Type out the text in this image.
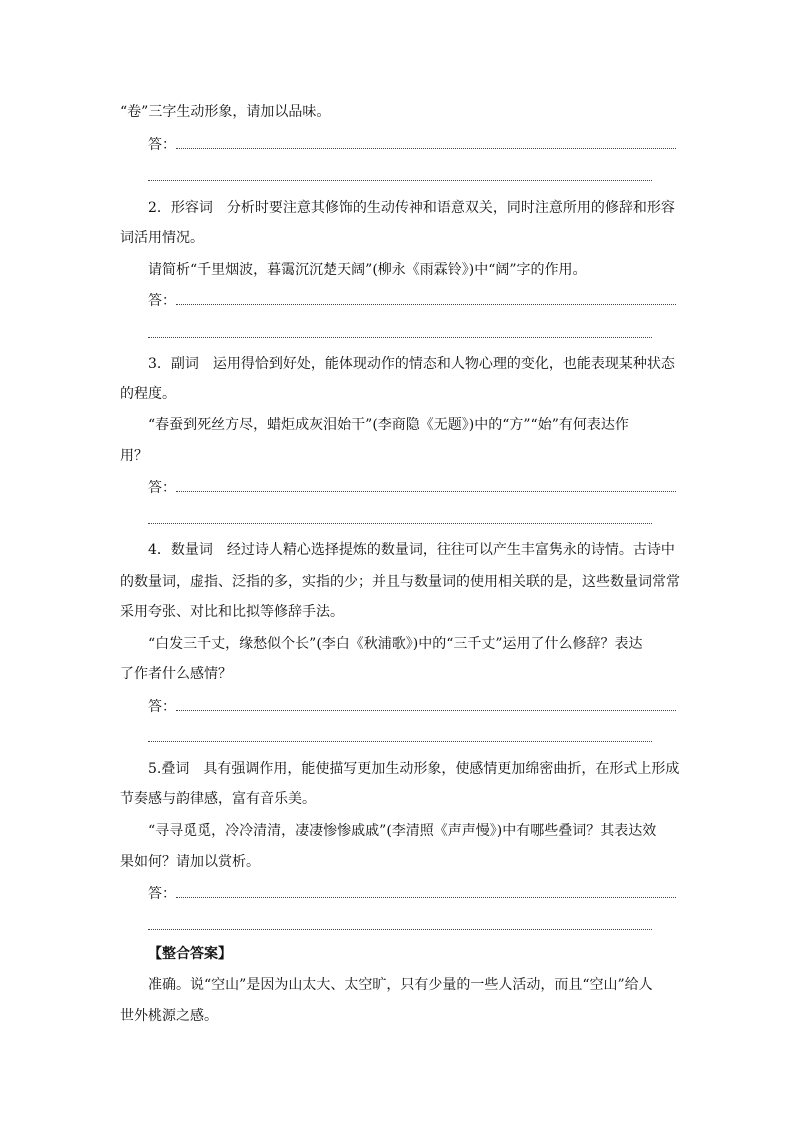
“卷”三字生动形象，请加以品味。
答：
2．形容词　分析时要注意其修饰的生动传神和语意双关，同时注意所用的修辞和形容
词活用情况。
请简析“千里烟波，暮霭沉沉楚天阔”(柳永《雨霖铃》)中“阔”字的作用。
答：
3．副词　运用得恰到好处，能体现动作的情态和人物心理的变化，也能表现某种状态
的程度。
“春蚕到死丝方尽，蜡炬成灰泪始干”(李商隐《无题》)中的“方”“始”有何表达作
用？
答：
4．数量词　经过诗人精心选择提炼的数量词，往往可以产生丰富隽永的诗情。古诗中
的数量词，虚指、泛指的多，实指的少；并且与数量词的使用相关联的是，这些数量词常常
采用夸张、对比和比拟等修辞手法。
“白发三千丈，缘愁似个长”(李白《秋浦歌》)中的“三千丈”运用了什么修辞？表达
了作者什么感情？
答：
5.叠词　具有强调作用，能使描写更加生动形象，使感情更加绵密曲折，在形式上形成
节奏感与韵律感，富有音乐美。
“寻寻觅觅，冷冷清清，凄凄惨惨戚戚”(李清照《声声慢》)中有哪些叠词？其表达效
果如何？请加以赏析。
答：
【整合答案】
准确。说“空山”是因为山太大、太空旷，只有少量的一些人活动，而且“空山”给人
世外桃源之感。
